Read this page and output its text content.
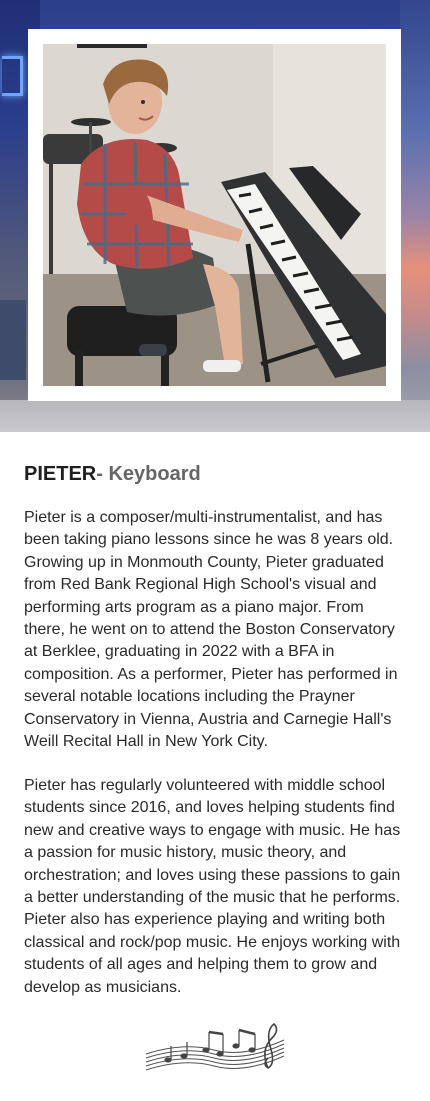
PIETER- Keyboard

Pieter is a composer/multi-instrumentalist, and has been taking piano lessons since he was 8 years old. Growing up in Monmouth County, Pieter graduated from Red Bank Regional High School's visual and performing arts program as a piano major. From there, he went on to attend the Boston Conservatory at Berklee, graduating in 2022 with a BFA in composition. As a performer, Pieter has performed in several notable locations including the Prayner Conservatory in Vienna, Austria and Carnegie Hall's Weill Recital Hall in New York City.

Pieter has regularly volunteered with middle school students since 2016, and loves helping students find new and creative ways to engage with music. He has a passion for music history, music theory, and orchestration; and loves using these passions to gain a better understanding of the music that he performs. Pieter also has experience playing and writing both classical and rock/pop music. He enjoys working with students of all ages and helping them to grow and develop as musicians.
